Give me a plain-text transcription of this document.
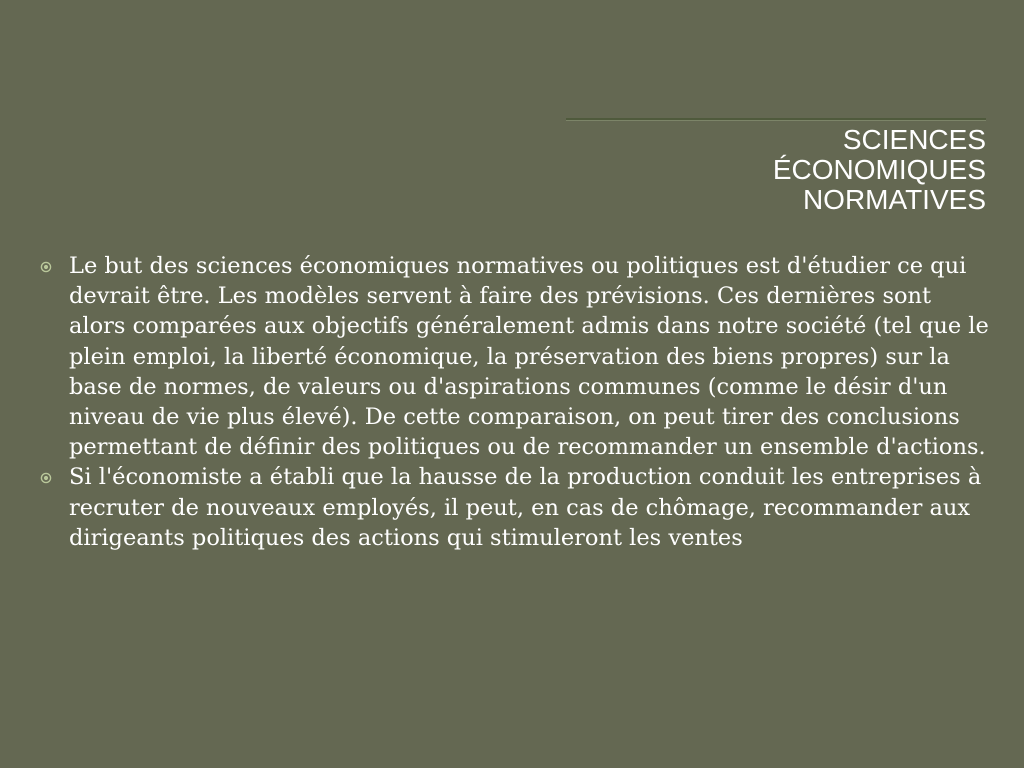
SCIENCES
ÉCONOMIQUES
NORMATIVES
Le but des sciences économiques normatives ou politiques est d'étudier ce qui devrait être. Les modèles servent à faire des prévisions. Ces dernières sont alors comparées aux objectifs généralement admis dans notre société (tel que le plein emploi, la liberté économique, la préservation des biens propres) sur la base de normes, de valeurs ou d'aspirations communes (comme le désir d'un niveau de vie plus élevé). De cette comparaison, on peut tirer des conclusions permettant de définir des politiques ou de recommander un ensemble d'actions.
Si l'économiste a établi que la hausse de la production conduit les entreprises à recruter de nouveaux employés, il peut, en cas de chômage, recommander aux dirigeants politiques des actions qui stimuleront les ventes
